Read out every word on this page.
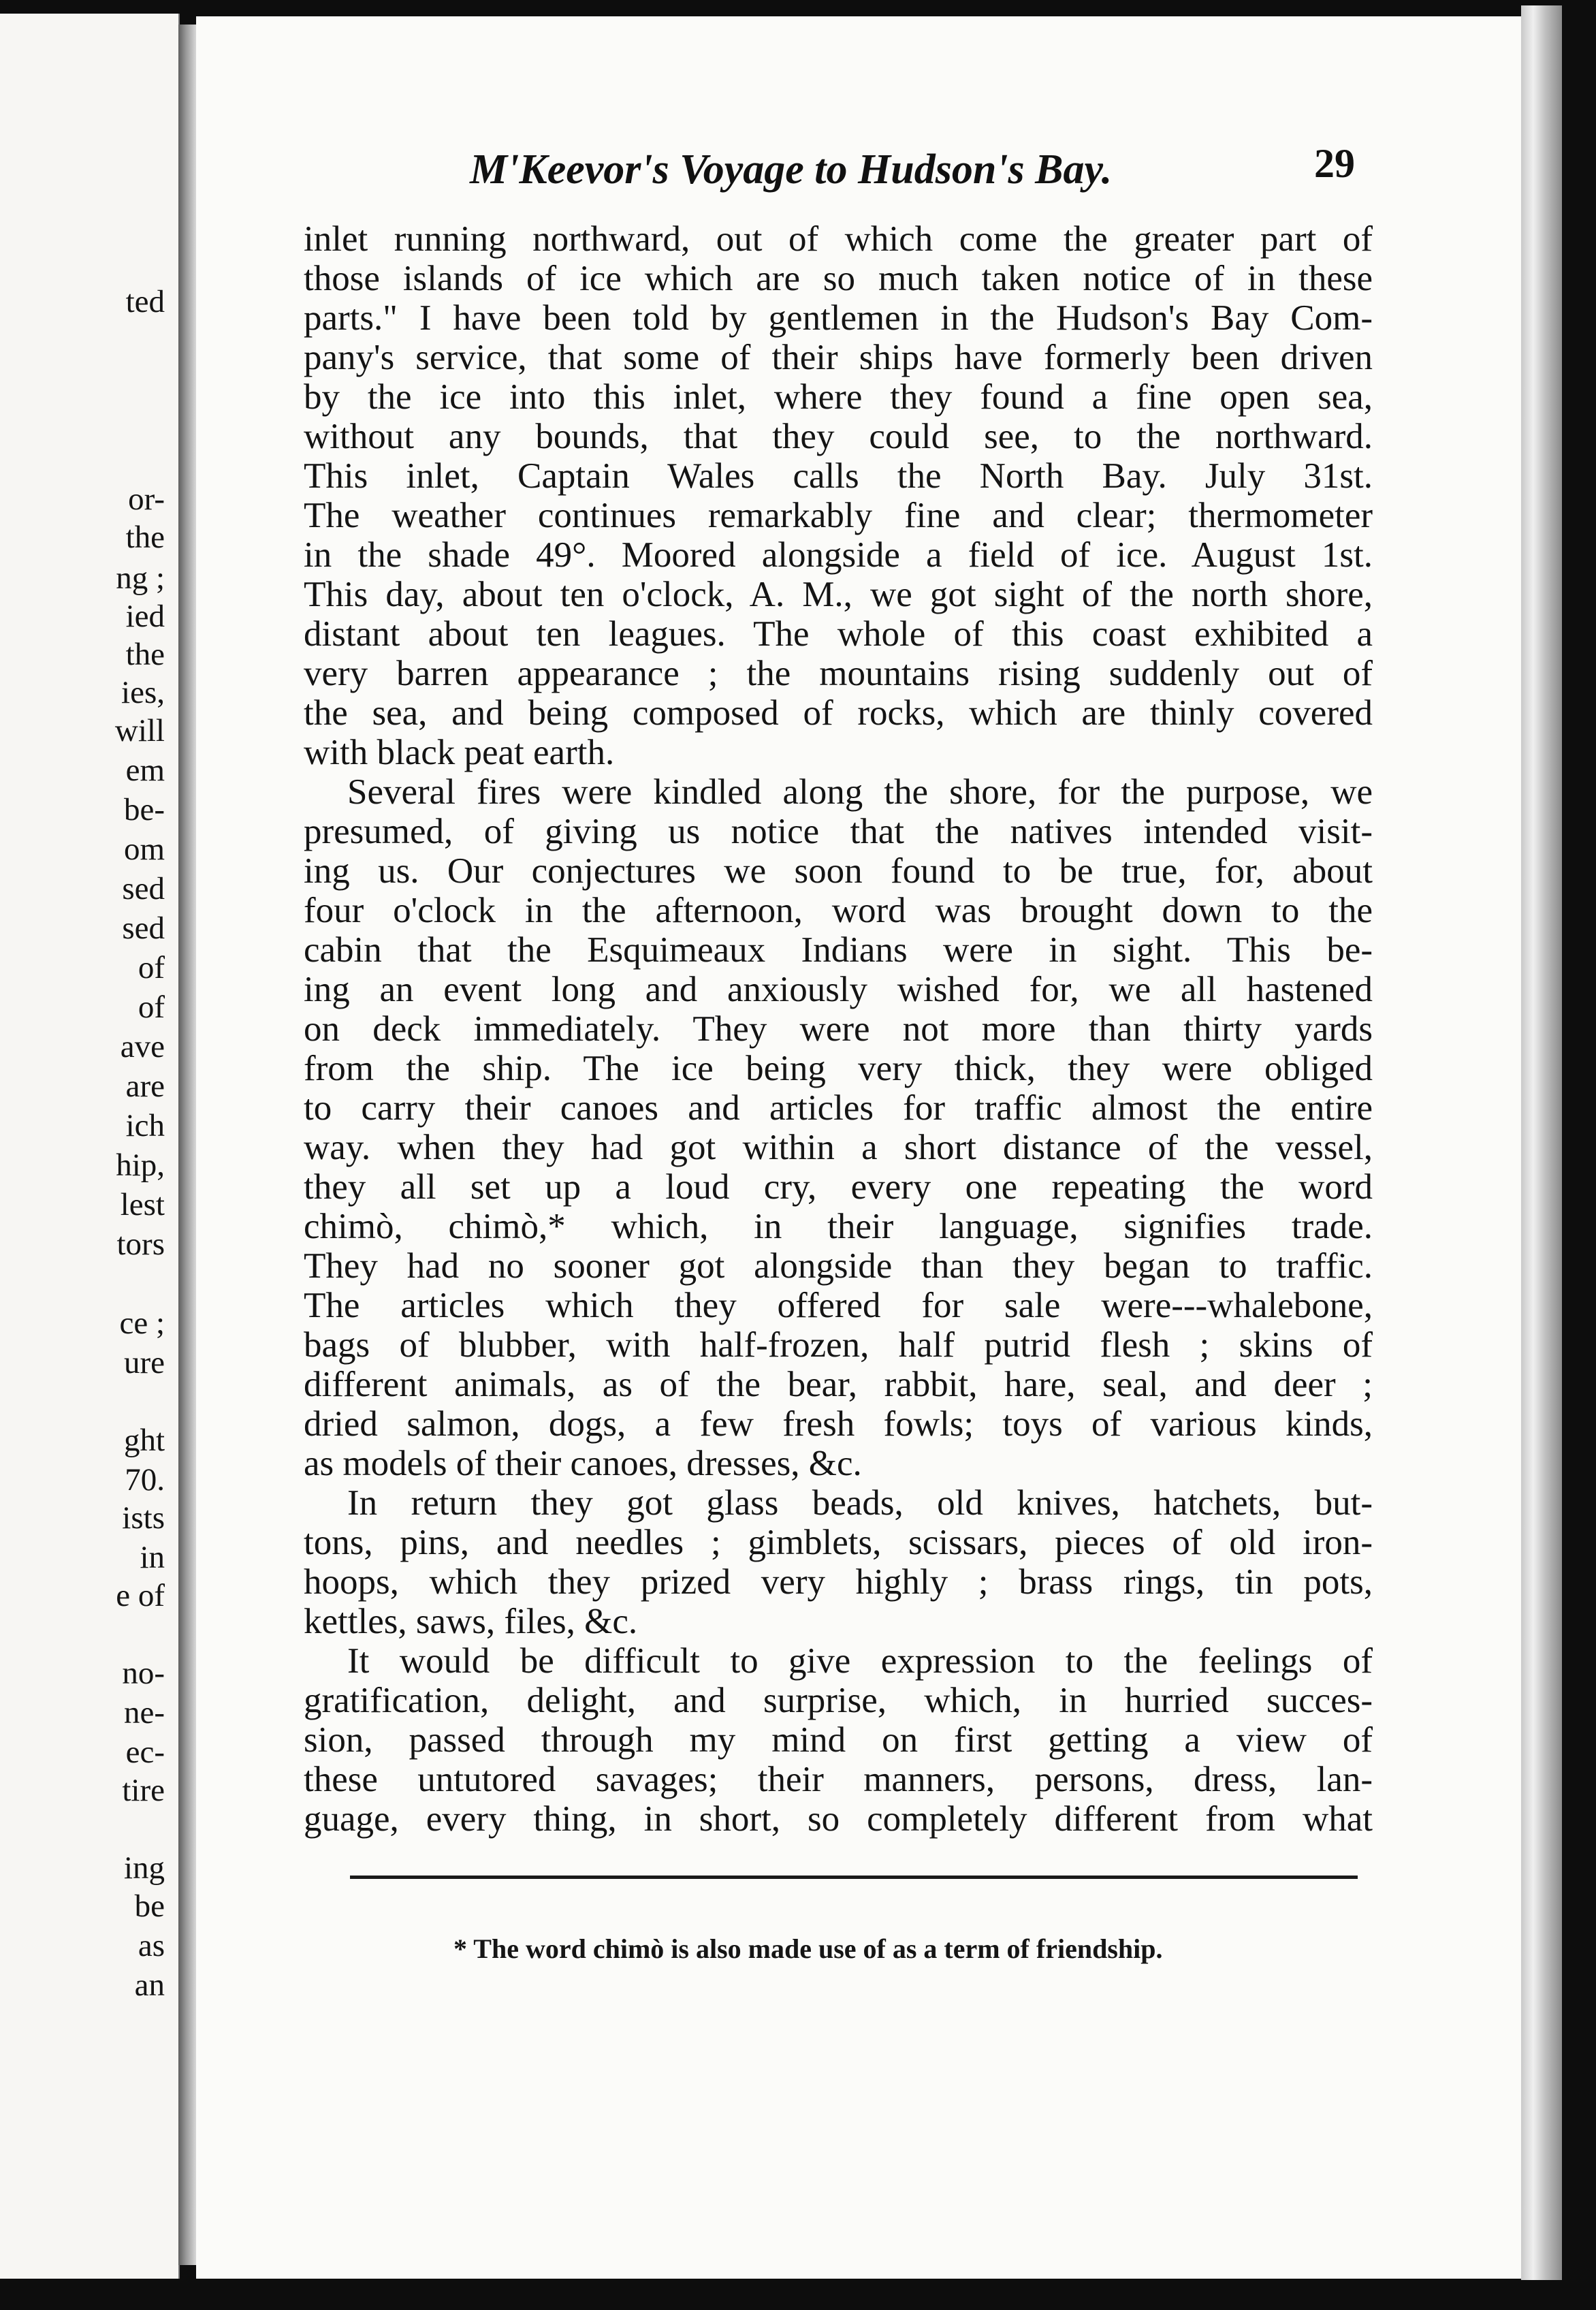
ted
or-
the
ng ;
ied
the
ies,
will
em
be-
om
sed
sed
of
of
ave
are
ich
hip,
lest
tors
ce ;
ure
ght
70.
ists
in
e of
no-
ne-
ec-
tire
ing
be
as
an
M'Keevor's Voyage to Hudson's Bay.	29
inlet running northward, out of which come the greater part of
those islands of ice which are so much taken notice of in these
parts." I have been told by gentlemen in the Hudson's Bay Com-
pany's service, that some of their ships have formerly been driven
by the ice into this inlet, where they found a fine open sea,
without any bounds, that they could see, to the northward.
This inlet, Captain Wales calls the North Bay. July 31st.
The weather continues remarkably fine and clear; thermometer
in the shade 49°. Moored alongside a field of ice. August 1st.
This day, about ten o'clock, A. M., we got sight of the north shore,
distant about ten leagues. The whole of this coast exhibited a
very barren appearance ; the mountains rising suddenly out of
the sea, and being composed of rocks, which are thinly covered
with black peat earth.
Several fires were kindled along the shore, for the purpose, we
presumed, of giving us notice that the natives intended visit-
ing us. Our conjectures we soon found to be true, for, about
four o'clock in the afternoon, word was brought down to the
cabin that the Esquimeaux Indians were in sight. This be-
ing an event long and anxiously wished for, we all hastened
on deck immediately. They were not more than thirty yards
from the ship. The ice being very thick, they were obliged
to carry their canoes and articles for traffic almost the entire
way. when they had got within a short distance of the vessel,
they all set up a loud cry, every one repeating the word
chimò, chimò,* which, in their language, signifies trade.
They had no sooner got alongside than they began to traffic.
The articles which they offered for sale were---whalebone,
bags of blubber, with half-frozen, half putrid flesh ; skins of
different animals, as of the bear, rabbit, hare, seal, and deer ;
dried salmon, dogs, a few fresh fowls; toys of various kinds,
as models of their canoes, dresses, &c.
In return they got glass beads, old knives, hatchets, but-
tons, pins, and needles ; gimblets, scissars, pieces of old iron-
hoops, which they prized very highly ; brass rings, tin pots,
kettles, saws, files, &c.
It would be difficult to give expression to the feelings of
gratification, delight, and surprise, which, in hurried succes-
sion, passed through my mind on first getting a view of
these untutored savages; their manners, persons, dress, lan-
guage, every thing, in short, so completely different from what
* The word chimò is also made use of as a term of friendship.
